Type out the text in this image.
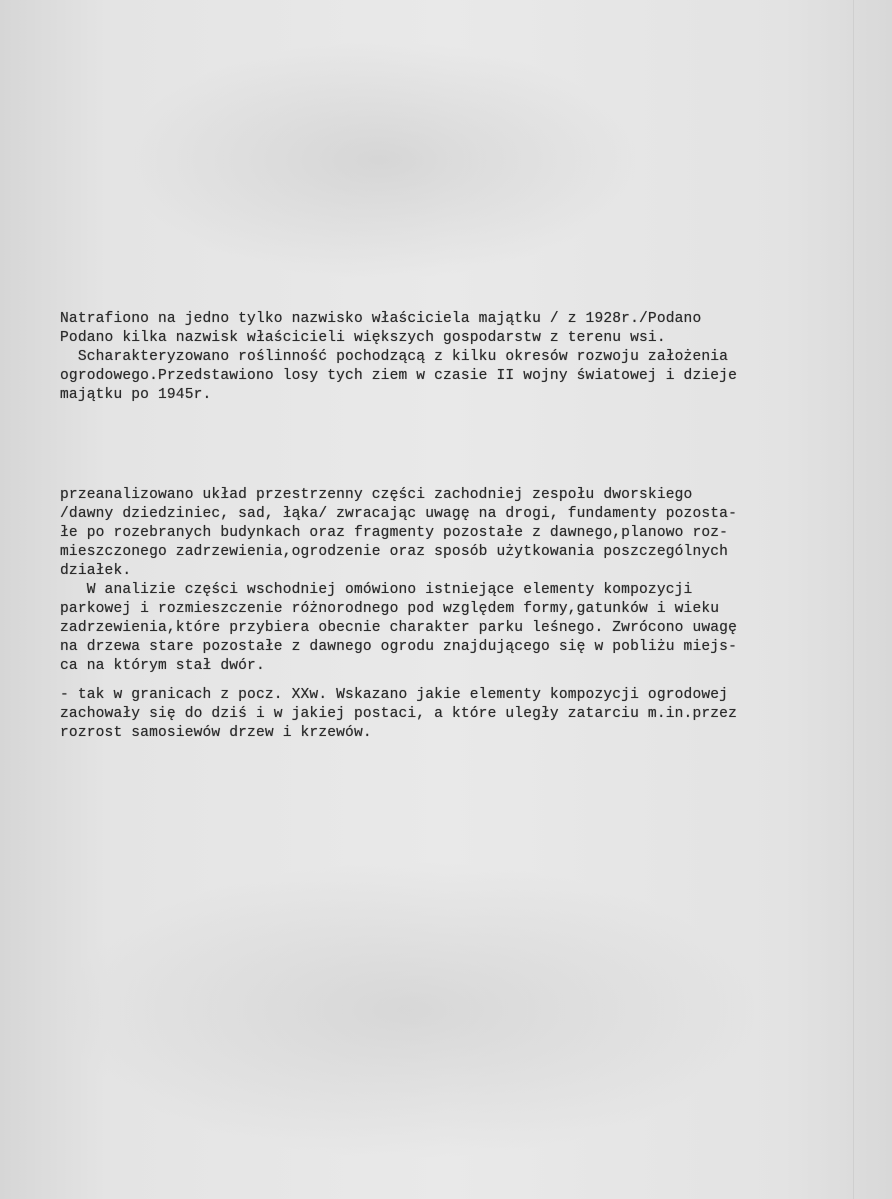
Natrafiono na jedno tylko nazwisko właściciela majątku / z 1928r./Podano
Podano kilka nazwisk właścicieli większych gospodarstw z terenu wsi.
Scharakteryzowano roślinność pochodzącą z kilku okresów rozwoju założenia
ogrodowego.Przedstawiono losy tych ziem w czasie II wojny światowej i dzieje
majątku po 1945r.
przeanalizowano układ przestrzenny części zachodniej zespołu dworskiego
/dawny dziedziniec, sad, łąka/ zwracając uwagę na drogi, fundamenty pozosta-
łe po rozebranych budynkach oraz fragmenty pozostałe z dawnego,planowo roz-
mieszczonego zadrzewienia,ogrodzenie oraz sposób użytkowania poszczególnych
działek.
W analizie części wschodniej omówiono istniejące elementy kompozycji
parkowej i rozmieszczenie różnorodnego pod względem formy,gatunków i wieku
zadrzewienia,które przybiera obecnie charakter parku leśnego. Zwrócono uwagę
na drzewa stare pozostałe z dawnego ogrodu znajdującego się w pobliżu miejs-
ca na którym stał dwór.
- tak w granicach z pocz. XXw. Wskazano jakie elementy kompozycji ogrodowej
zachowały się do dziś i w jakiej postaci, a które uległy zatarciu m.in.przez
rozrost samosiewów drzew i krzewów.
